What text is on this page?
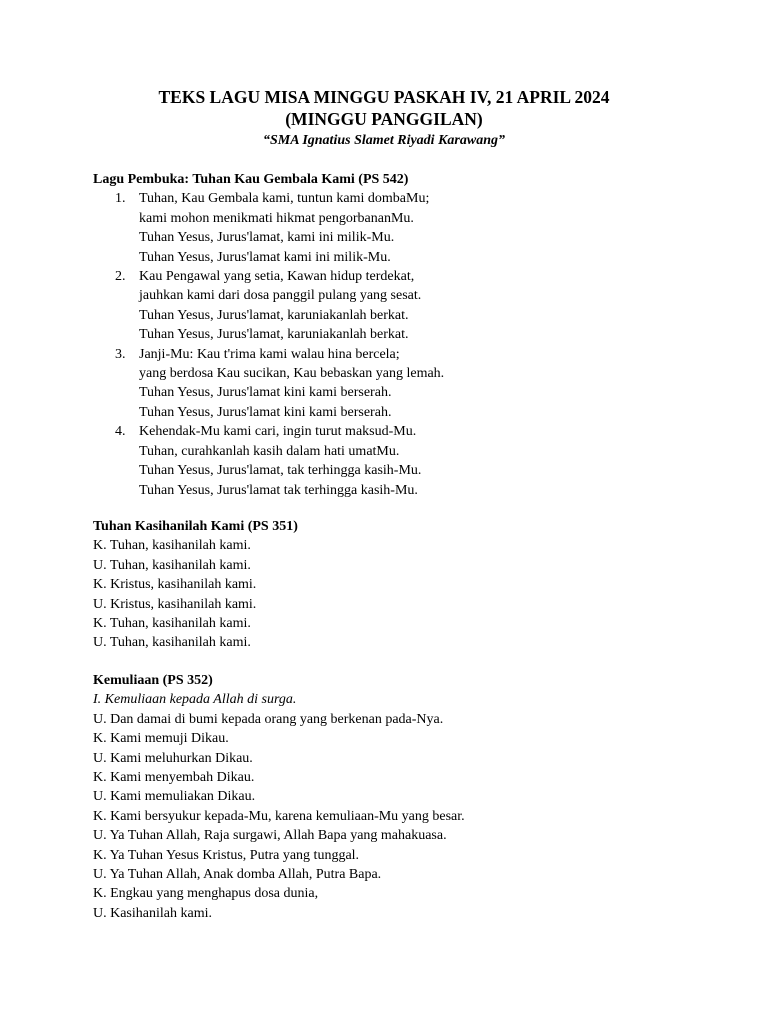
TEKS LAGU MISA MINGGU PASKAH IV, 21 APRIL 2024
(MINGGU PANGGILAN)
“SMA Ignatius Slamet Riyadi Karawang”
Lagu Pembuka: Tuhan Kau Gembala Kami (PS 542)
1. Tuhan, Kau Gembala kami, tuntun kami dombaMu;
kami mohon menikmati hikmat pengorbananMu.
Tuhan Yesus, Jurus'lamat, kami ini milik-Mu.
Tuhan Yesus, Jurus'lamat kami ini milik-Mu.
2. Kau Pengawal yang setia, Kawan hidup terdekat,
jauhkan kami dari dosa panggil pulang yang sesat.
Tuhan Yesus, Jurus'lamat, karuniakanlah berkat.
Tuhan Yesus, Jurus'lamat, karuniakanlah berkat.
3. Janji-Mu: Kau t'rima kami walau hina bercela;
yang berdosa Kau sucikan, Kau bebaskan yang lemah.
Tuhan Yesus, Jurus'lamat kini kami berserah.
Tuhan Yesus, Jurus'lamat kini kami berserah.
4. Kehendak-Mu kami cari, ingin turut maksud-Mu.
Tuhan, curahkanlah kasih dalam hati umatMu.
Tuhan Yesus, Jurus'lamat, tak terhingga kasih-Mu.
Tuhan Yesus, Jurus'lamat tak terhingga kasih-Mu.
Tuhan Kasihanilah Kami (PS 351)
K. Tuhan, kasihanilah kami.
U. Tuhan, kasihanilah kami.
K. Kristus, kasihanilah kami.
U. Kristus, kasihanilah kami.
K. Tuhan, kasihanilah kami.
U. Tuhan, kasihanilah kami.
Kemuliaan (PS 352)
I. Kemuliaan kepada Allah di surga.
U. Dan damai di bumi kepada orang yang berkenan pada-Nya.
K. Kami memuji Dikau.
U. Kami meluhurkan Dikau.
K. Kami menyembah Dikau.
U. Kami memuliakan Dikau.
K. Kami bersyukur kepada-Mu, karena kemuliaan-Mu yang besar.
U. Ya Tuhan Allah, Raja surgawi, Allah Bapa yang mahakuasa.
K. Ya Tuhan Yesus Kristus, Putra yang tunggal.
U. Ya Tuhan Allah, Anak domba Allah, Putra Bapa.
K. Engkau yang menghapus dosa dunia,
U. Kasihanilah kami.
